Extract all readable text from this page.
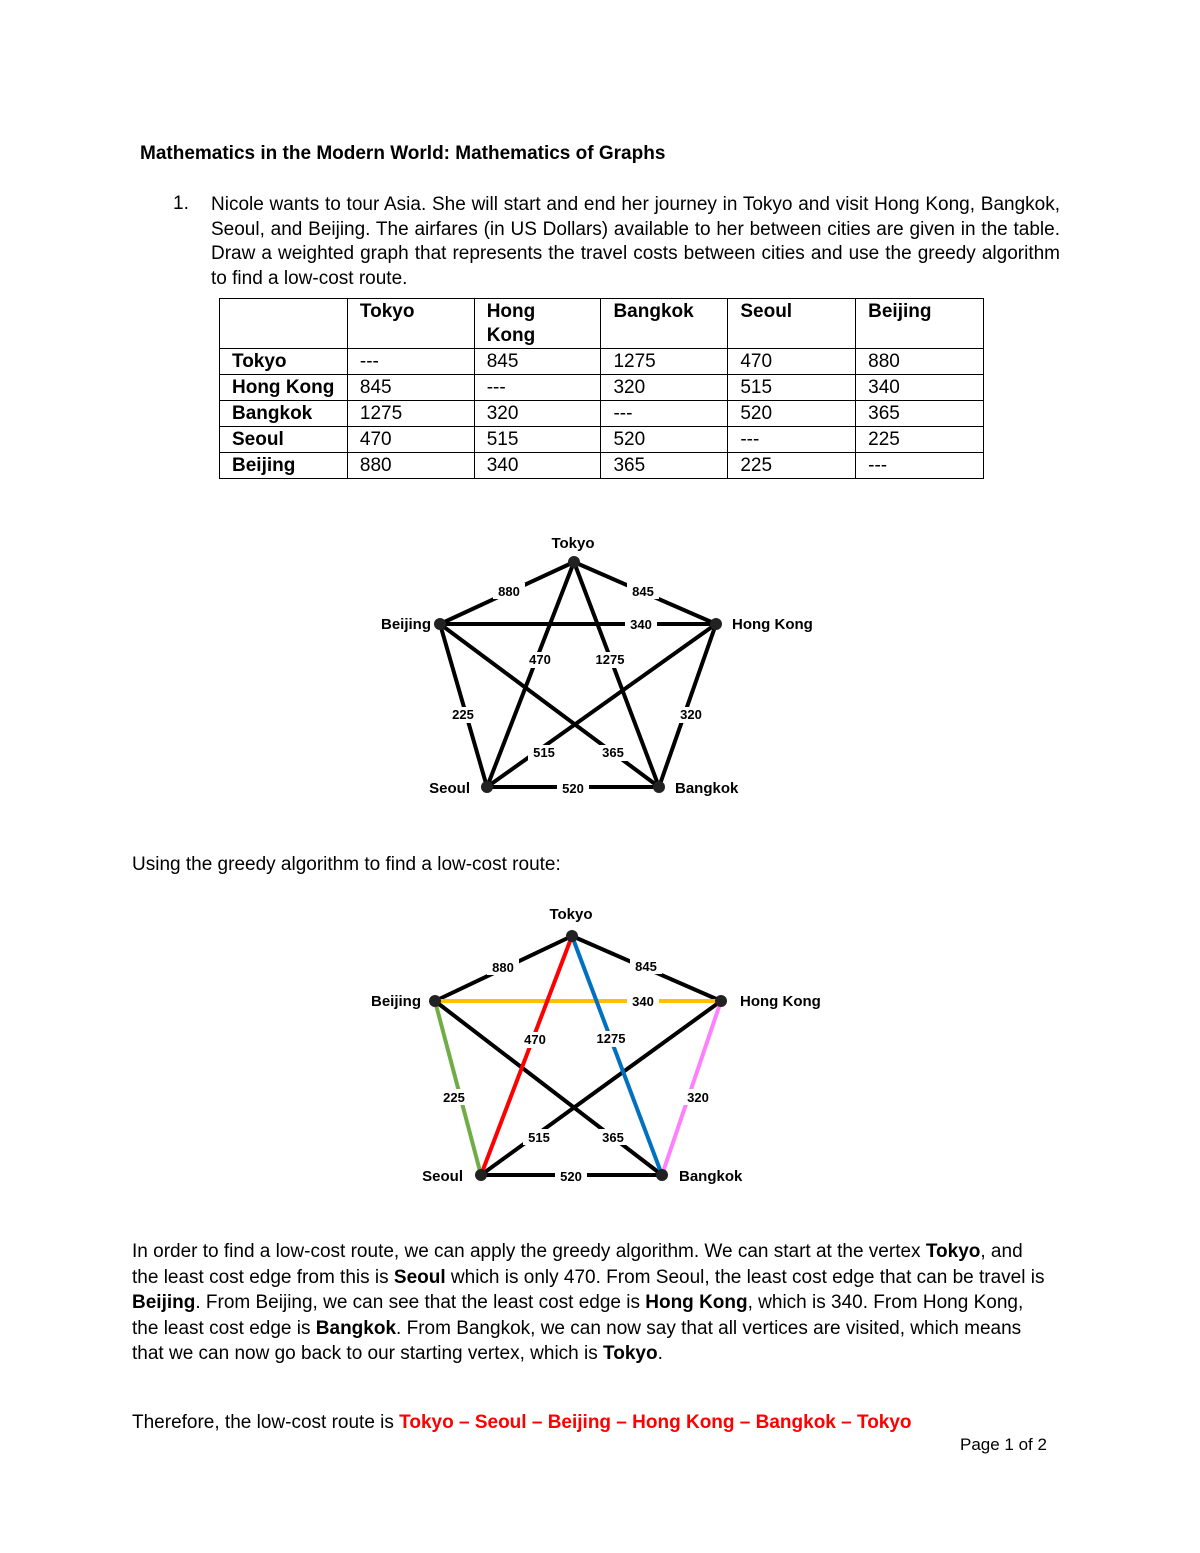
Mathematics in the Modern World: Mathematics of Graphs
1. Nicole wants to tour Asia. She will start and end her journey in Tokyo and visit Hong Kong, Bangkok, Seoul, and Beijing. The airfares (in US Dollars) available to her between cities are given in the table. Draw a weighted graph that represents the travel costs between cities and use the greedy algorithm to find a low-cost route.

	Tokyo	Hong Kong	Bangkok	Seoul	Beijing
Tokyo	---	845	1275	470	880
Hong Kong	845	---	320	515	340
Bangkok	1275	320	---	520	365
Seoul	470	515	520	---	225
Beijing	880	340	365	225	---
880	845
340
470	1275
225	320
515	365
520
Tokyo
Beijing	Hong Kong
Seoul	Bangkok

Using the greedy algorithm to find a low-cost route:

880	845
340
470	1275
225	320
515	365
520
Tokyo
Beijing	Hong Kong
Seoul	Bangkok

In order to find a low-cost route, we can apply the greedy algorithm. We can start at the vertex Tokyo, and the least cost edge from this is Seoul which is only 470. From Seoul, the least cost edge that can be travel is Beijing. From Beijing, we can see that the least cost edge is Hong Kong, which is 340. From Hong Kong, the least cost edge is Bangkok. From Bangkok, we can now say that all vertices are visited, which means that we can now go back to our starting vertex, which is Tokyo.

Therefore, the low-cost route is Tokyo – Seoul – Beijing – Hong Kong – Bangkok – Tokyo

Page 1 of 2
